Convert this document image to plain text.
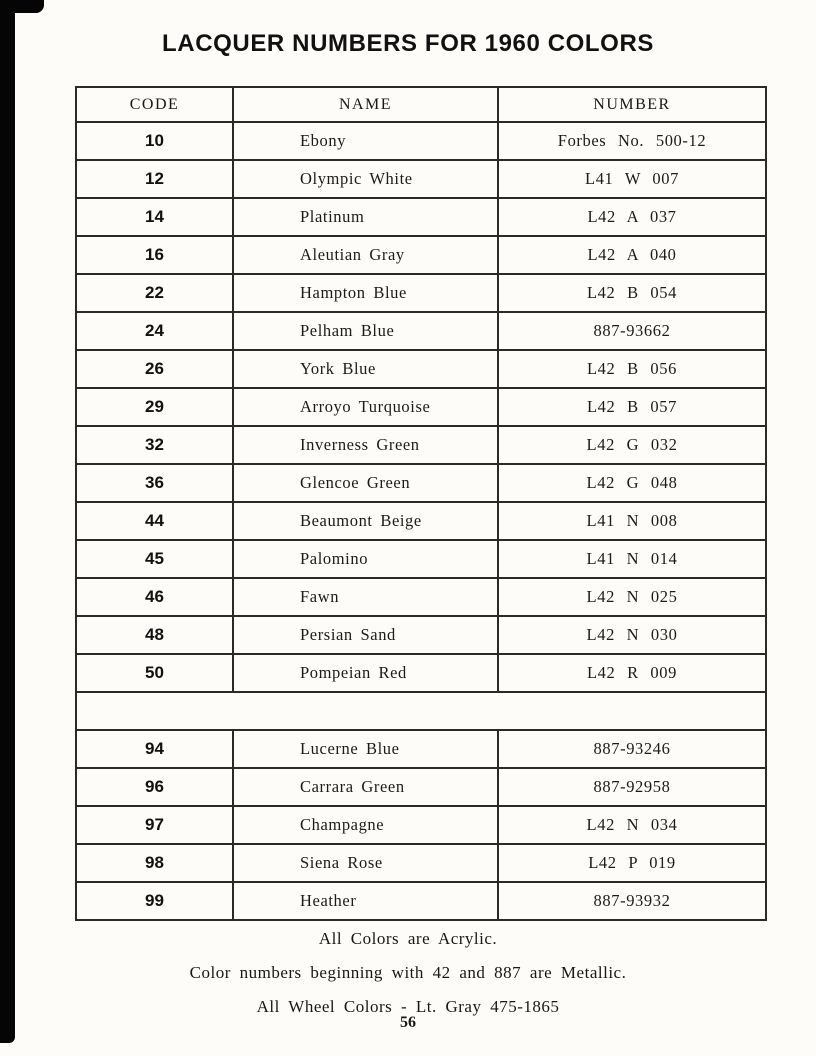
LACQUER NUMBERS FOR 1960 COLORS
CODE	NAME	NUMBER
10	Ebony	Forbes No. 500-12
12	Olympic White	L41 W 007
14	Platinum	L42 A 037
16	Aleutian Gray	L42 A 040
22	Hampton Blue	L42 B 054
24	Pelham Blue	887-93662
26	York Blue	L42 B 056
29	Arroyo Turquoise	L42 B 057
32	Inverness Green	L42 G 032
36	Glencoe Green	L42 G 048
44	Beaumont Beige	L41 N 008
45	Palomino	L41 N 014
46	Fawn	L42 N 025
48	Persian Sand	L42 N 030
50	Pompeian Red	L42 R 009

94	Lucerne Blue	887-93246
96	Carrara Green	887-92958
97	Champagne	L42 N 034
98	Siena Rose	L42 P 019
99	Heather	887-93932
All Colors are Acrylic.
Color numbers beginning with 42 and 887 are Metallic.
All Wheel Colors - Lt. Gray 475-1865
56
